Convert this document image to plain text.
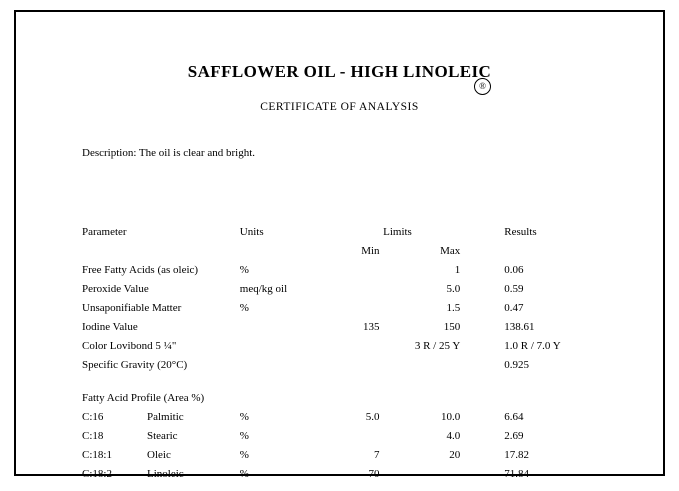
SAFFLOWER OIL - HIGH LINOLEIC
®
CERTIFICATE OF ANALYSIS
Description: The oil is clear and bright.
Parameter		Units	Limits		Results
			Min	Max	
Free Fatty Acids (as oleic)		%		1	0.06
Peroxide Value		meq/kg oil		5.0	0.59
Unsaponifiable Matter		%		1.5	0.47
Iodine Value			135	150	138.61
Color Lovibond 5 ¼"				3 R / 25 Y	1.0 R / 7.0 Y
Specific Gravity (20°C)					0.925

Fatty Acid Profile (Area %)					
C:16	Palmitic	%	5.0	10.0	6.64
C:18	Stearic	%		4.0	2.69
C:18:1	Oleic	%	7	20	17.82
C:18:2	Linoleic	%	70		71.84
